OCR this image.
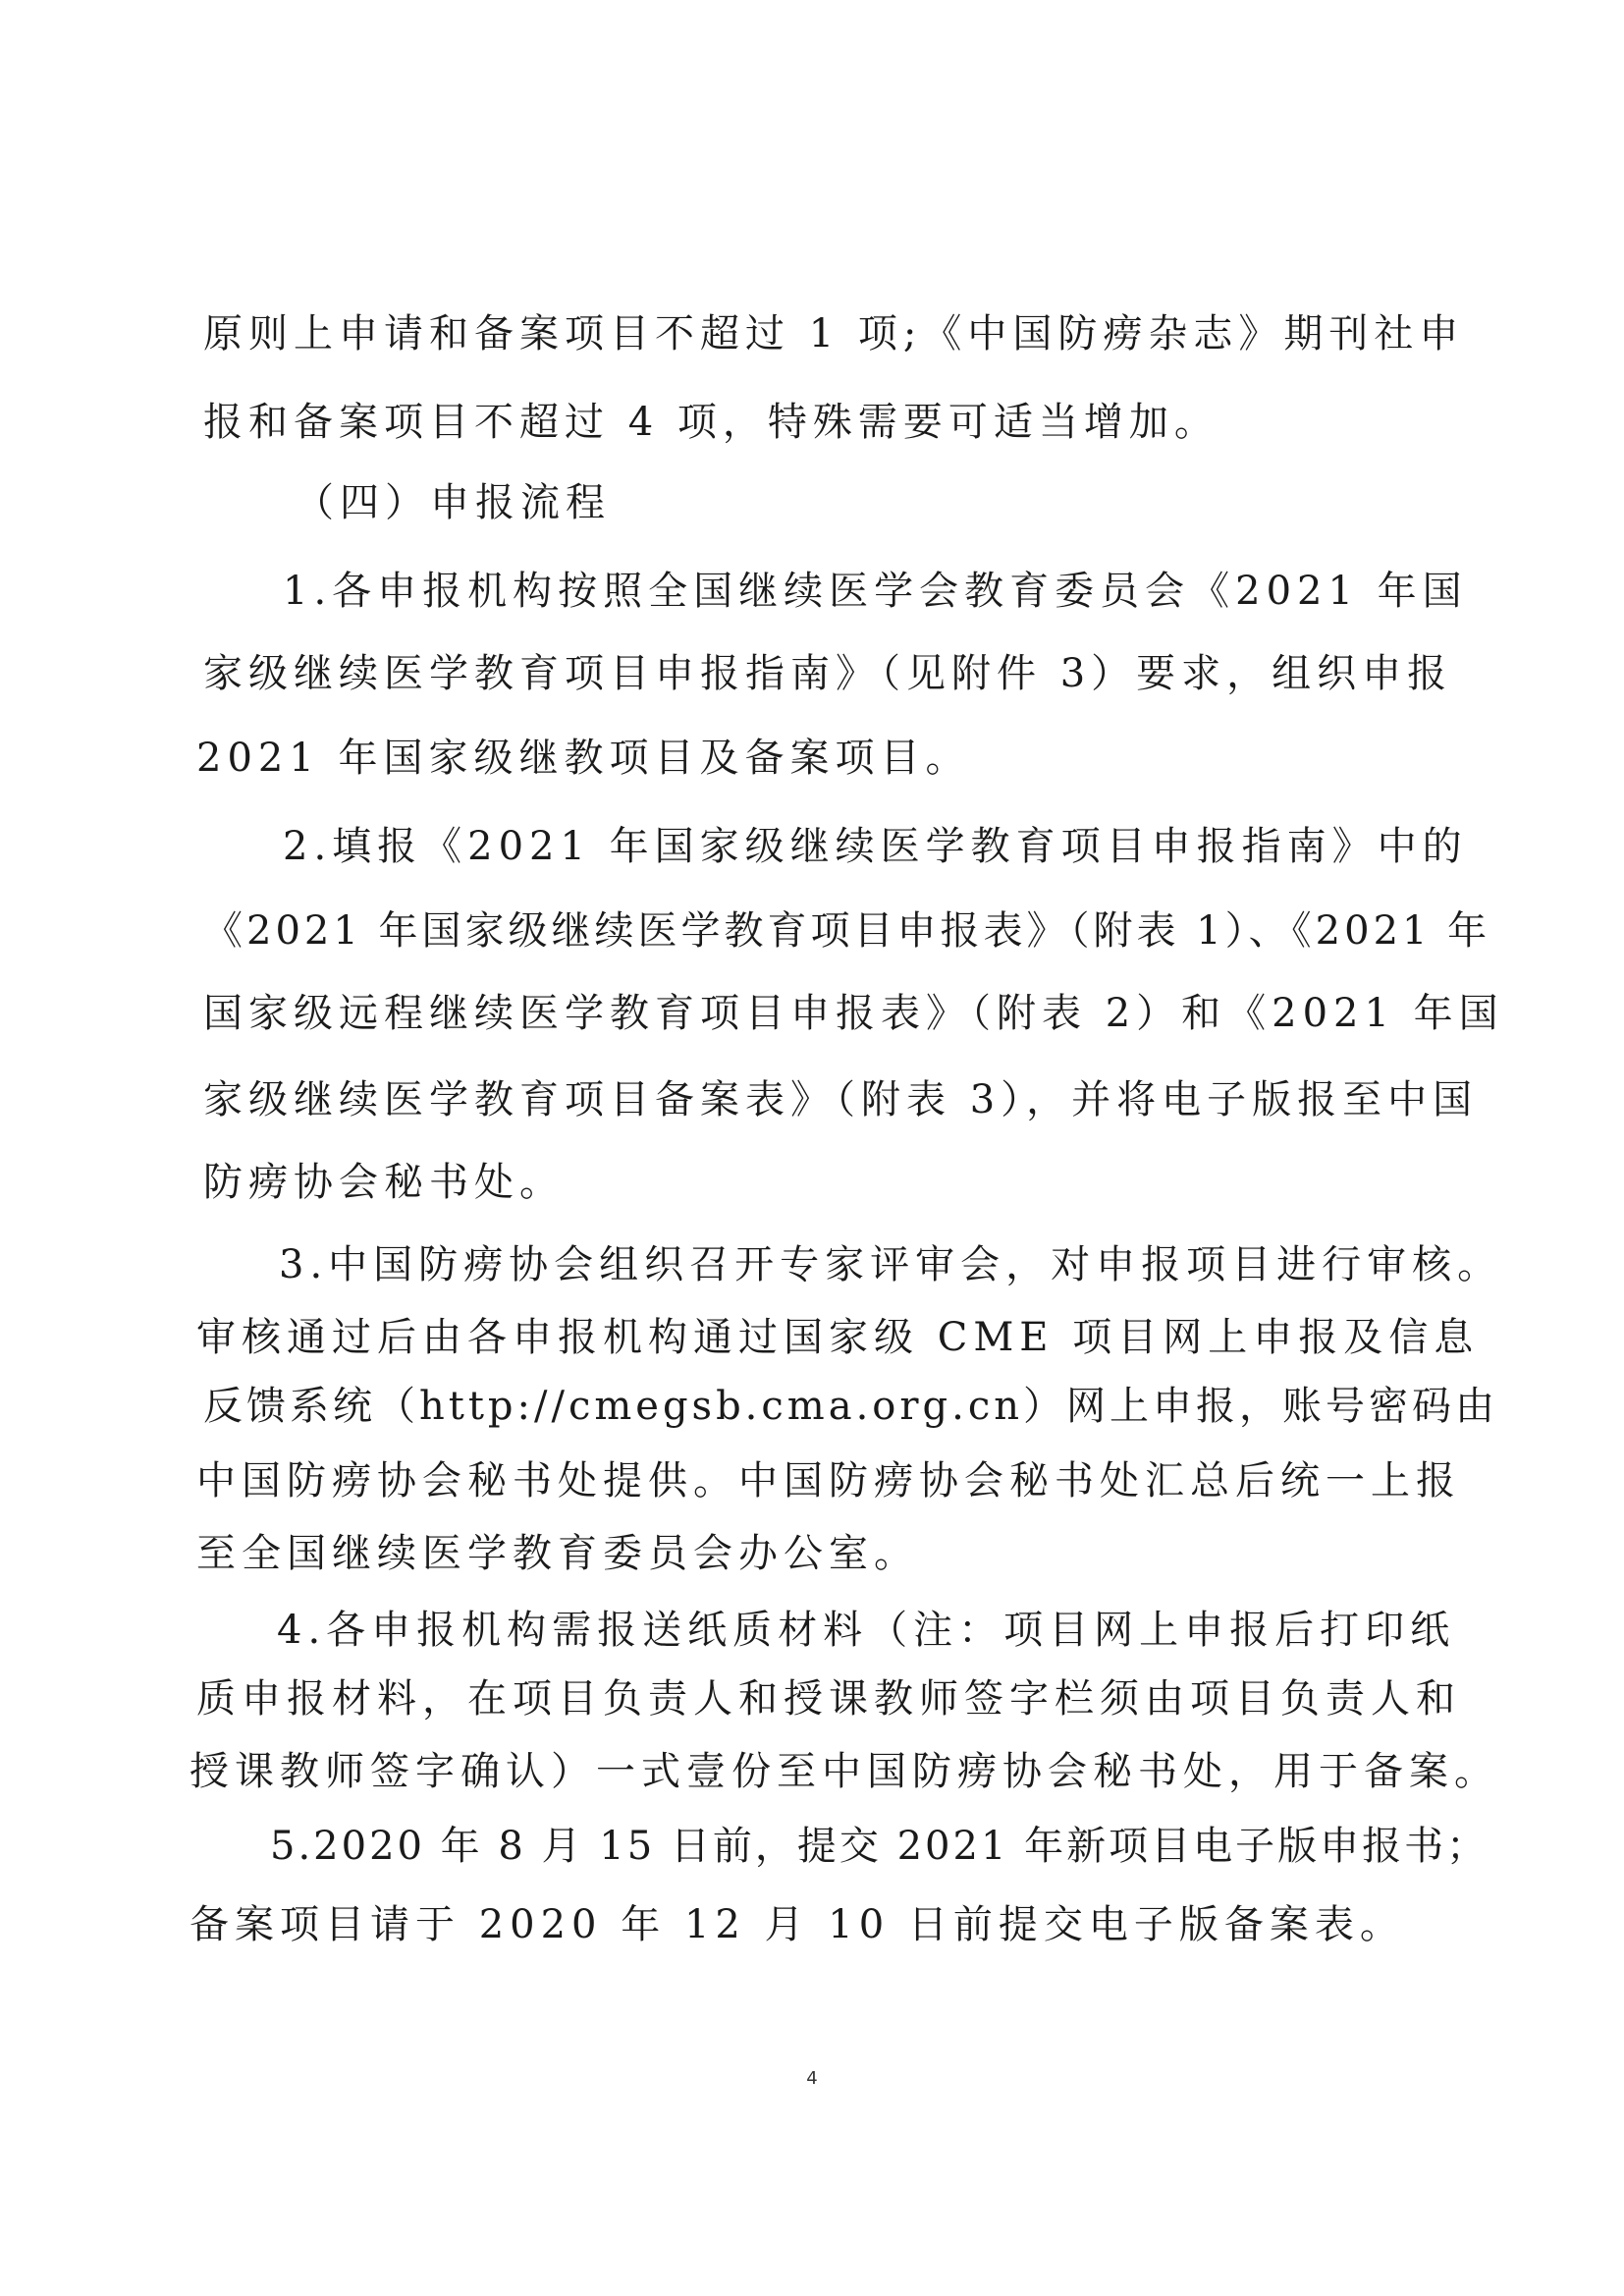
原则上申请和备案项目不超过 1 项;《中国防痨杂志》期刊社申
报和备案项目不超过 4 项，特殊需要可适当增加。
（四）申报流程
1.各申报机构按照全国继续医学会教育委员会《2021 年国
家级继续医学教育项目申报指南》（见附件 3）要求，组织申报
2021 年国家级继教项目及备案项目。
2.填报《2021 年国家级继续医学教育项目申报指南》中的
《2021 年国家级继续医学教育项目申报表》（附表 1）、《2021 年
国家级远程继续医学教育项目申报表》（附表 2）和《2021 年国
家级继续医学教育项目备案表》（附表 3），并将电子版报至中国
防痨协会秘书处。
3.中国防痨协会组织召开专家评审会，对申报项目进行审核。
审核通过后由各申报机构通过国家级 CME 项目网上申报及信息
反馈系统（http://cmegsb.cma.org.cn）网上申报，账号密码由
中国防痨协会秘书处提供。中国防痨协会秘书处汇总后统一上报
至全国继续医学教育委员会办公室。
4.各申报机构需报送纸质材料（注：项目网上申报后打印纸
质申报材料，在项目负责人和授课教师签字栏须由项目负责人和
授课教师签字确认）一式壹份至中国防痨协会秘书处，用于备案。
5.2020 年 8 月 15 日前，提交 2021 年新项目电子版申报书；
备案项目请于 2020 年 12 月 10 日前提交电子版备案表。
4
